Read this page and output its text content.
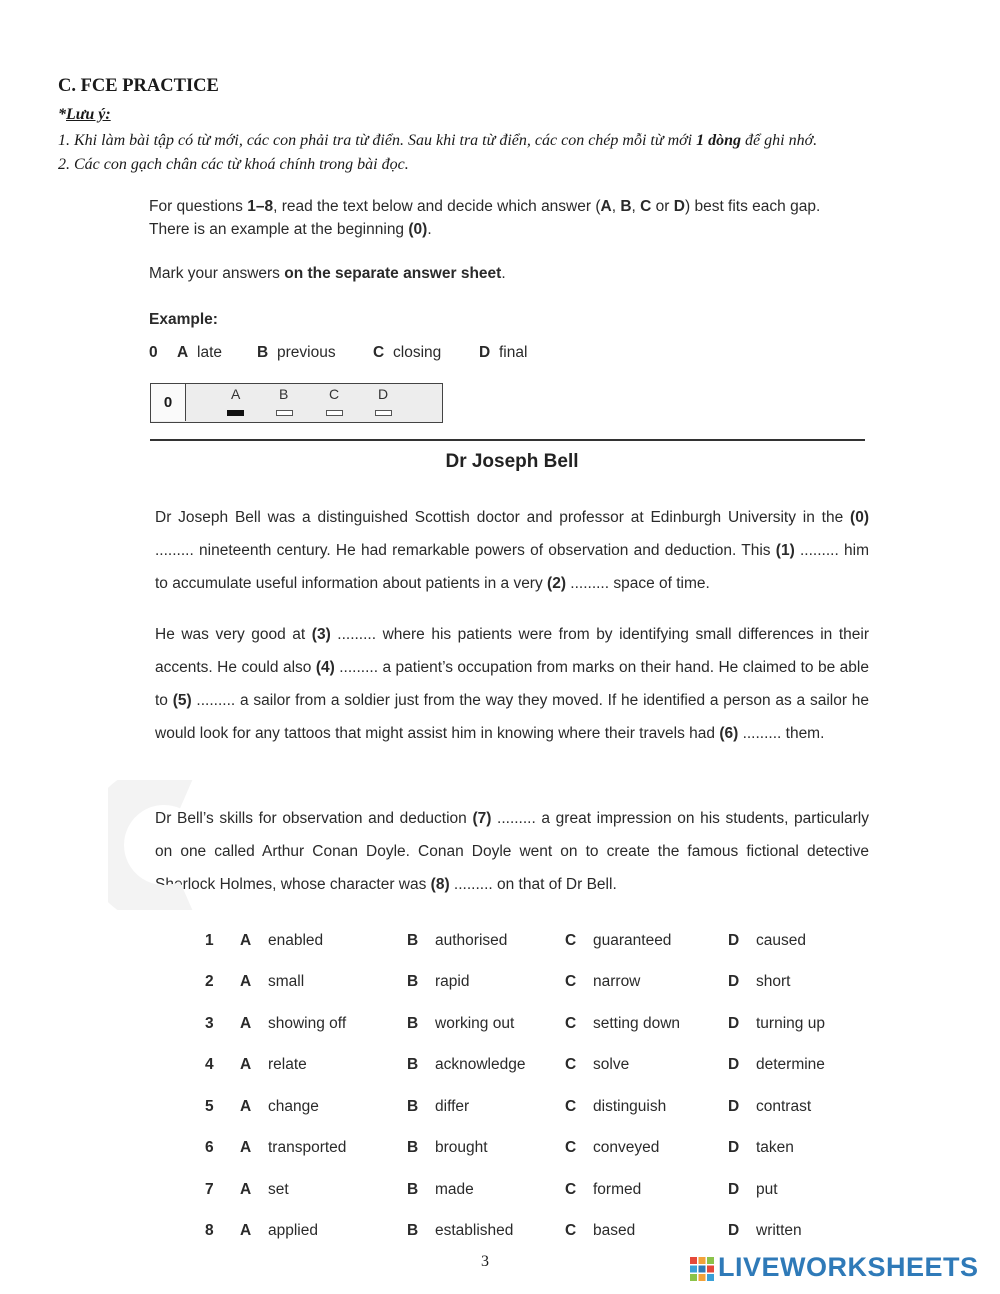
C. FCE PRACTICE
*Lưu ý:
1. Khi làm bài tập có từ mới, các con phải tra từ điển. Sau khi tra từ điển, các con chép mỗi từ mới 1 dòng để ghi nhớ.
2. Các con gạch chân các từ khoá chính trong bài đọc.
For questions 1–8, read the text below and decide which answer (A, B, C or D) best fits each gap.
There is an example at the beginning (0).
Mark your answers on the separate answer sheet.
Example:
0 A late B previous C closing D final
0	A	B	C	D
Dr Joseph Bell
Dr Joseph Bell was a distinguished Scottish doctor and professor at Edinburgh University in the (0) ......... nineteenth century. He had remarkable powers of observation and deduction. This (1) ......... him to accumulate useful information about patients in a very (2) ......... space of time.
He was very good at (3) ......... where his patients were from by identifying small differences in their accents. He could also (4) ......... a patient’s occupation from marks on their hand. He claimed to be able to (5) ......... a sailor from a soldier just from the way they moved. If he identified a person as a sailor he would look for any tattoos that might assist him in knowing where their travels had (6) ......... them.
Dr Bell’s skills for observation and deduction (7) ......... a great impression on his students, particularly on one called Arthur Conan Doyle. Conan Doyle went on to create the famous fictional detective Sherlock Holmes, whose character was (8) ......... on that of Dr Bell.
1 A enabled	B authorised	C guaranteed	D caused
2 A small	B rapid	C narrow	D short
3 A showing off	B working out	C setting down	D turning up
4 A relate	B acknowledge	C solve	D determine
5 A change	B differ	C distinguish	D contrast
6 A transported	B brought	C conveyed	D taken
7 A set	B made	C formed	D put
8 A applied	B established	C based	D written
3	LIVEWORKSHEETS
